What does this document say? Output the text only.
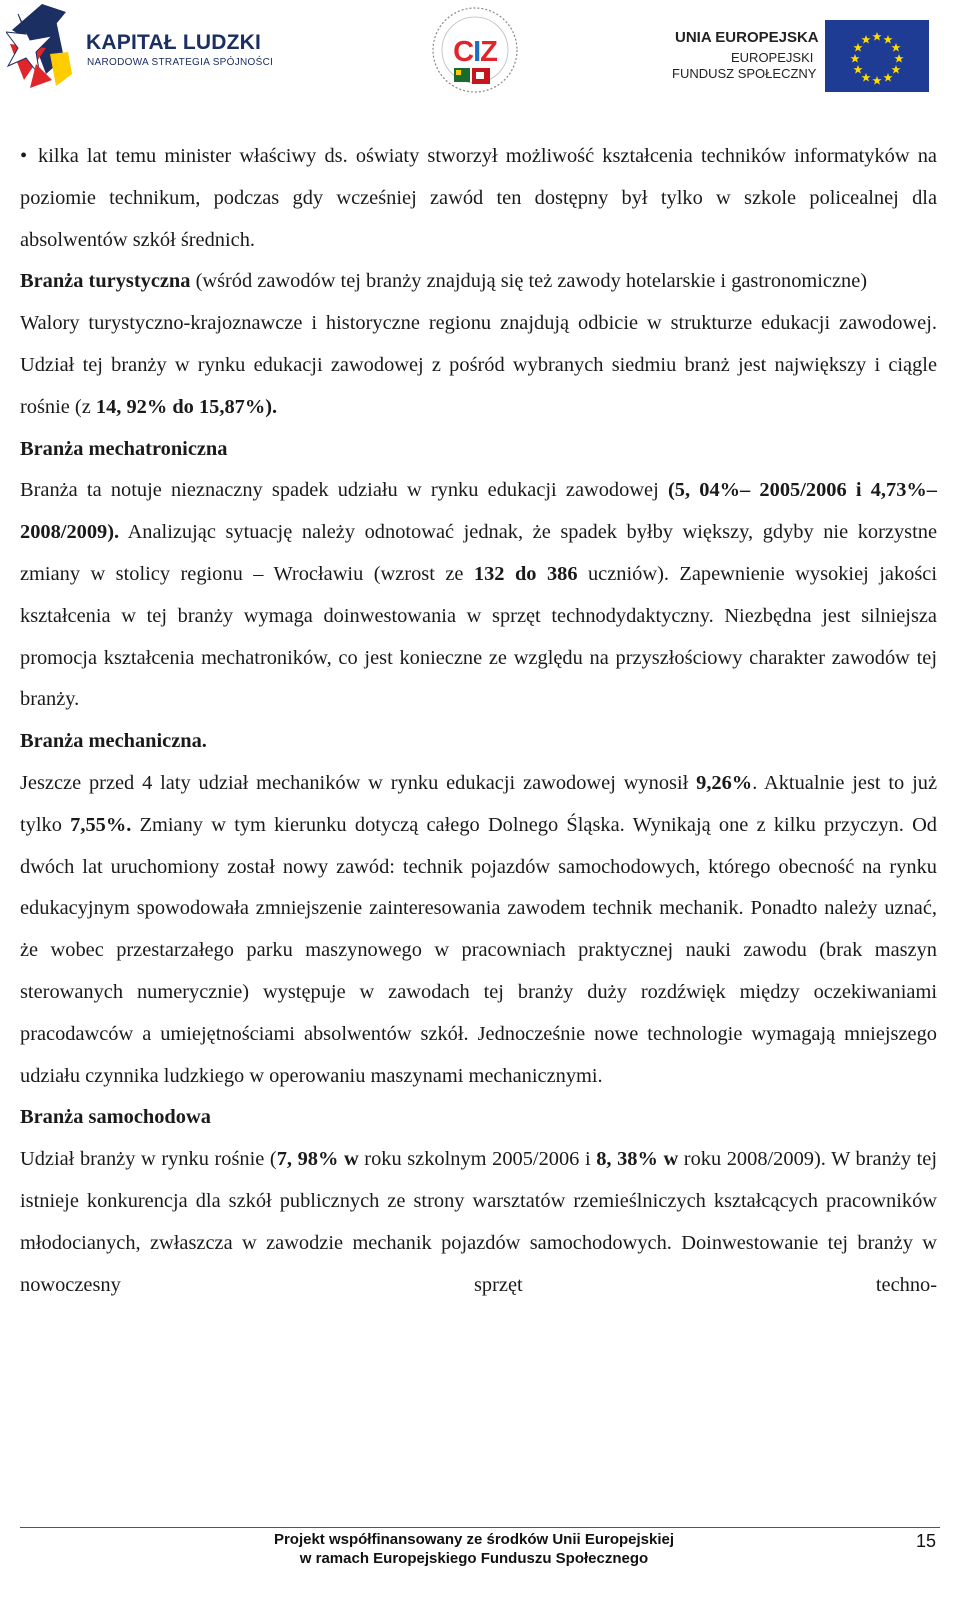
KAPITAŁ LUDZKI
NARODOWA STRATEGIA SPÓJNOŚCI	CIZ	UNIA EUROPEJSKA
EUROPEJSKI
FUNDUSZ SPOŁECZNY

• kilka lat temu minister właściwy ds. oświaty stworzył możliwość kształcenia techników informatyków na poziomie technikum, podczas gdy wcześniej zawód ten dostępny był tylko w szkole policealnej dla absolwentów szkół średnich.

Branża turystyczna (wśród zawodów tej branży znajdują się też zawody hotelarskie i gastronomiczne)

Walory turystyczno-krajoznawcze i historyczne regionu znajdują odbicie w strukturze edukacji zawodowej. Udział tej branży w rynku edukacji zawodowej z pośród wybranych siedmiu branż jest największy i ciągle rośnie (z 14, 92% do 15,87%).

Branża mechatroniczna

Branża ta notuje nieznaczny spadek udziału w rynku edukacji zawodowej (5, 04%– 2005/2006 i 4,73%–2008/2009). Analizując sytuację należy odnotować jednak, że spadek byłby większy, gdyby nie korzystne zmiany w stolicy regionu – Wrocławiu (wzrost ze 132 do 386 uczniów). Zapewnienie wysokiej jakości kształcenia w tej branży wymaga doinwestowania w sprzęt technodydaktyczny. Niezbędna jest silniejsza promocja kształcenia mechatroników, co jest konieczne ze względu na przyszłościowy charakter zawodów tej branży.

Branża mechaniczna.

Jeszcze przed 4 laty udział mechaników w rynku edukacji zawodowej wynosił 9,26%. Aktualnie jest to już tylko 7,55%. Zmiany w tym kierunku dotyczą całego Dolnego Śląska. Wynikają one z kilku przyczyn. Od dwóch lat uruchomiony został nowy zawód: technik pojazdów samochodowych, którego obecność na rynku edukacyjnym spowodowała zmniejszenie zainteresowania zawodem technik mechanik. Ponadto należy uznać, że wobec przestarzałego parku maszynowego w pracowniach praktycznej nauki zawodu (brak maszyn sterowanych numerycznie) występuje w zawodach tej branży duży rozdźwięk między oczekiwaniami pracodawców a umiejętnościami absolwentów szkół. Jednocześnie nowe technologie wymagają mniejszego udziału czynnika ludzkiego w operowaniu maszynami mechanicznymi.

Branża samochodowa

Udział branży w rynku rośnie (7, 98% w roku szkolnym 2005/2006 i 8, 38% w roku 2008/2009). W branży tej istnieje konkurencja dla szkół publicznych ze strony warsztatów rzemieślniczych kształcących pracowników młodocianych, zwłaszcza w zawodzie mechanik pojazdów samochodowych. Doinwestowanie tej branży w nowoczesny sprzęt techno-

Projekt współfinansowany ze środków Unii Europejskiej
w ramach Europejskiego Funduszu Społecznego
15
